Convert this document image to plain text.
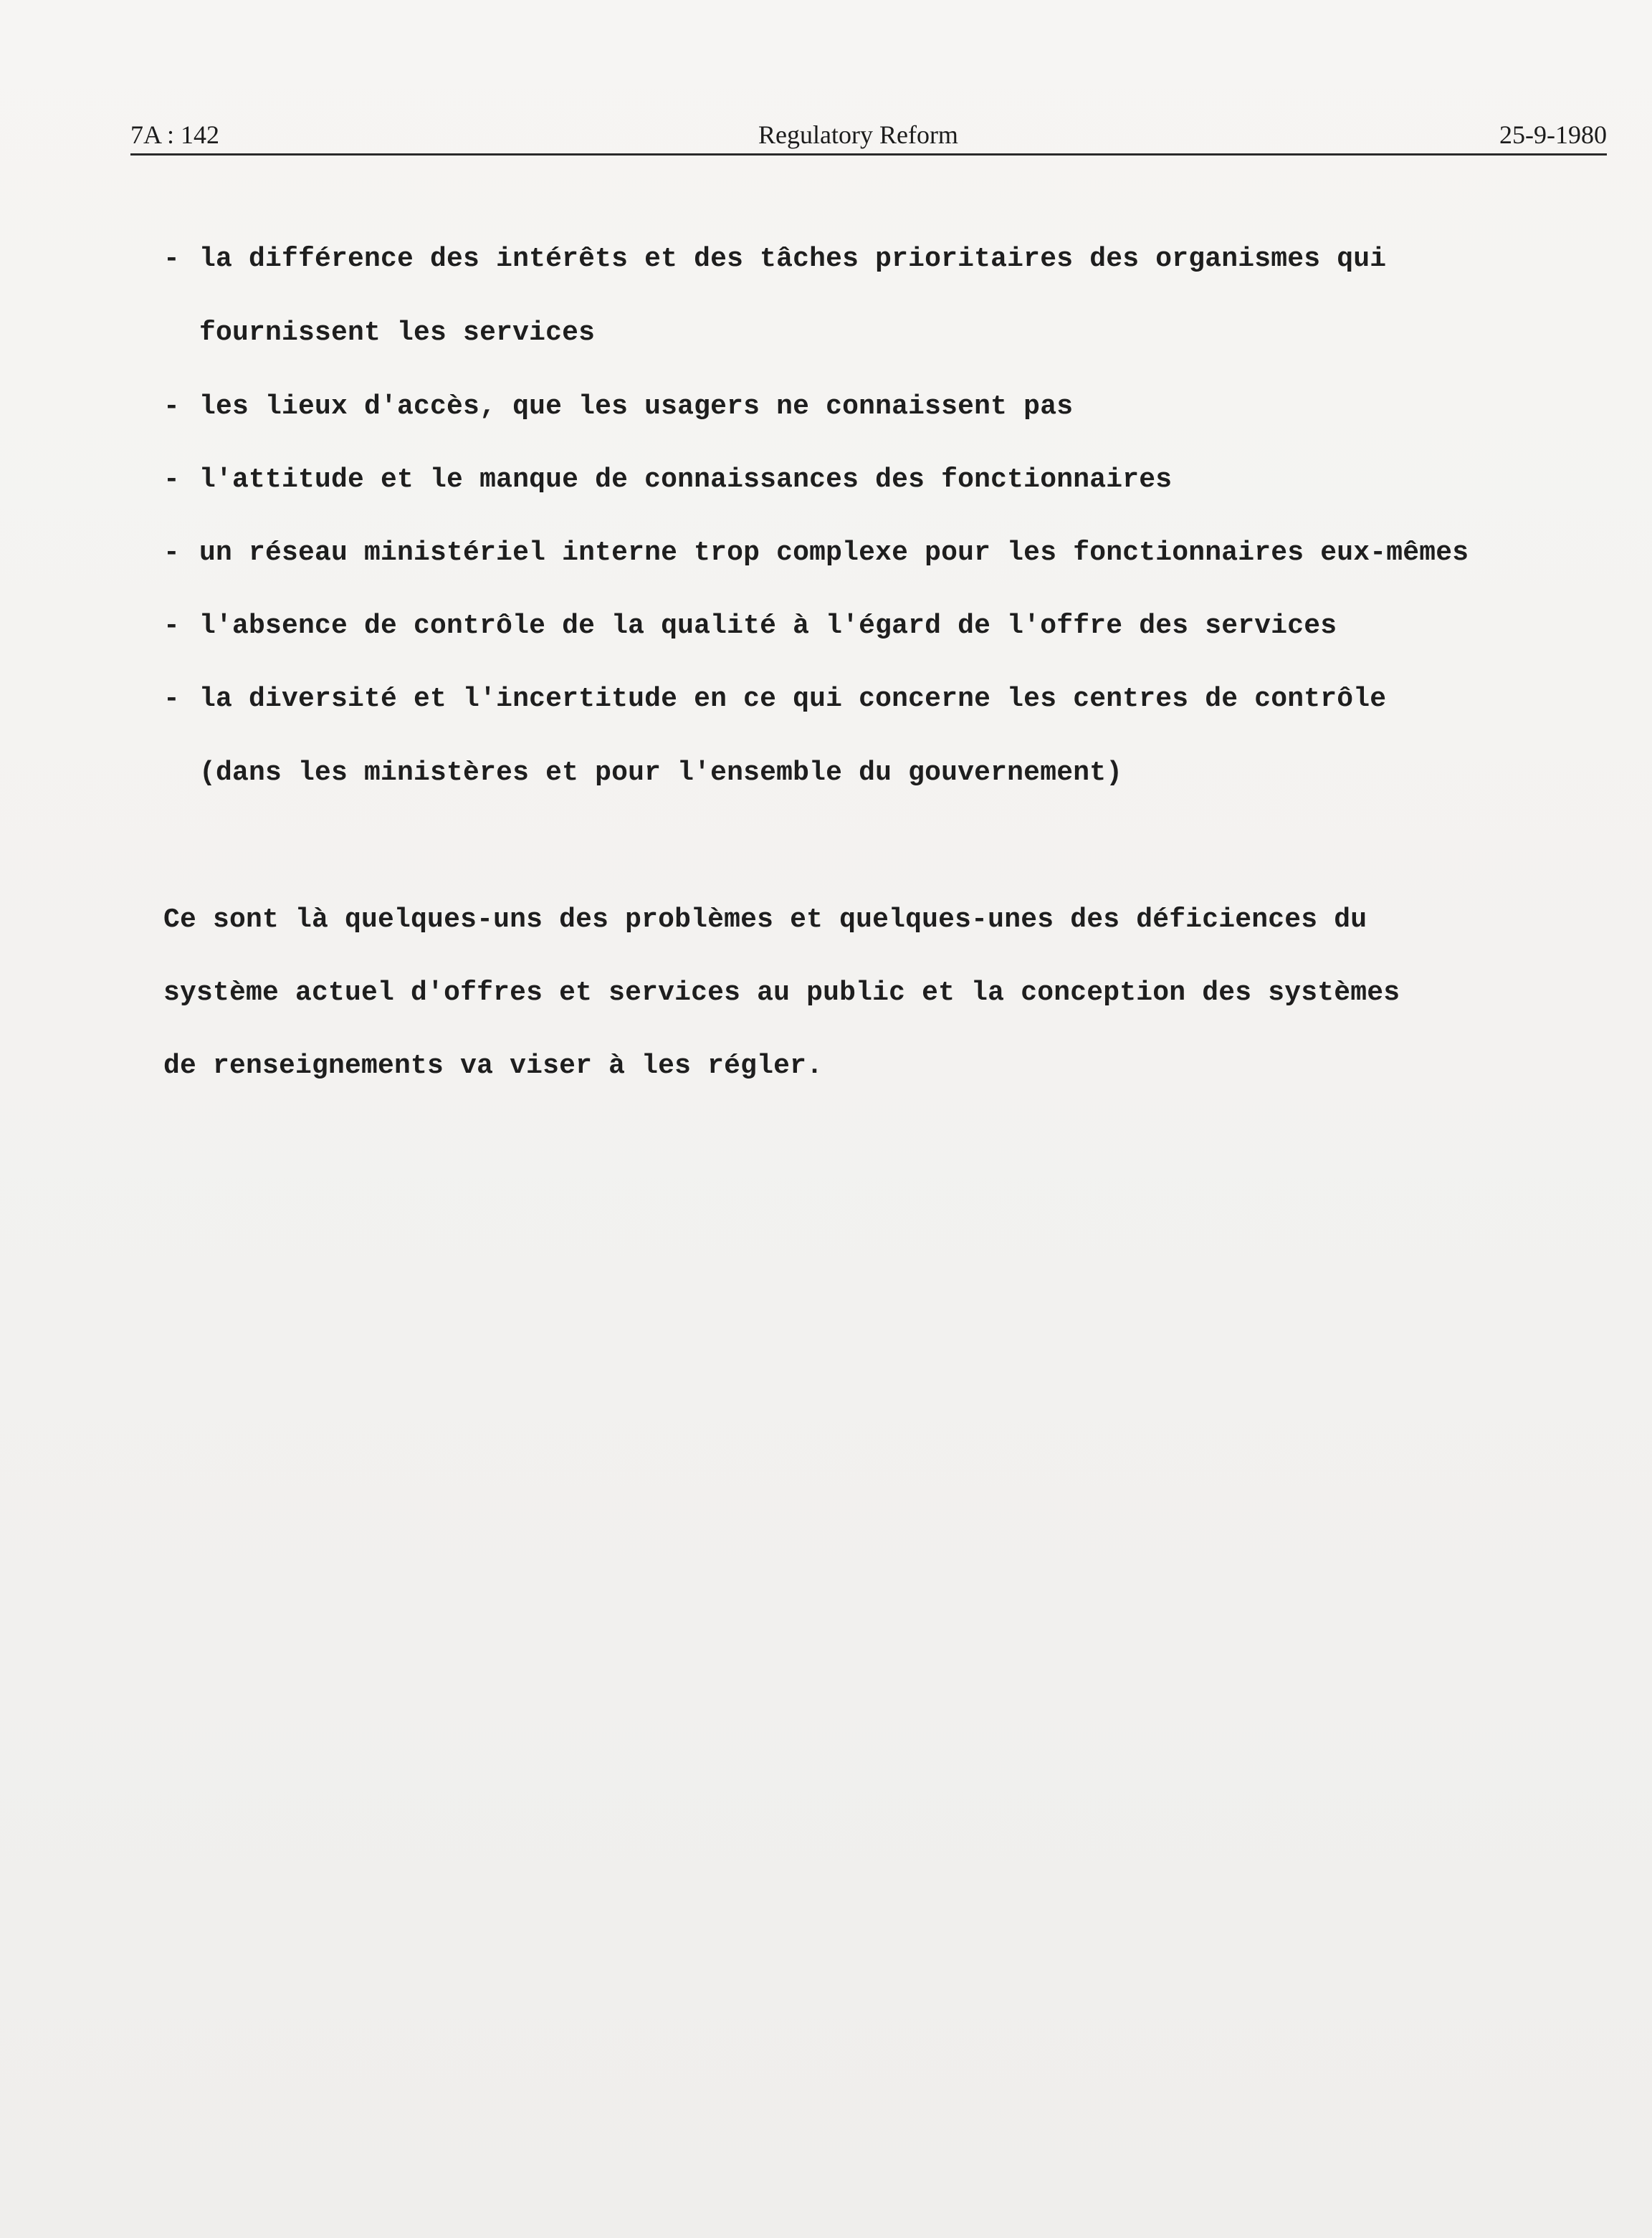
7A : 142	Regulatory Reform	25-9-1980
- la différence des intérêts et des tâches prioritaires des organismes qui
fournissent les services
- les lieux d'accès, que les usagers ne connaissent pas
- l'attitude et le manque de connaissances des fonctionnaires
- un réseau ministériel interne trop complexe pour les fonctionnaires eux-mêmes
- l'absence de contrôle de la qualité à l'égard de l'offre des services
- la diversité et l'incertitude en ce qui concerne les centres de contrôle
(dans les ministères et pour l'ensemble du gouvernement)
Ce sont là quelques-uns des problèmes et quelques-unes des déficiences du
système actuel d'offres et services au public et la conception des systèmes
de renseignements va viser à les régler.
